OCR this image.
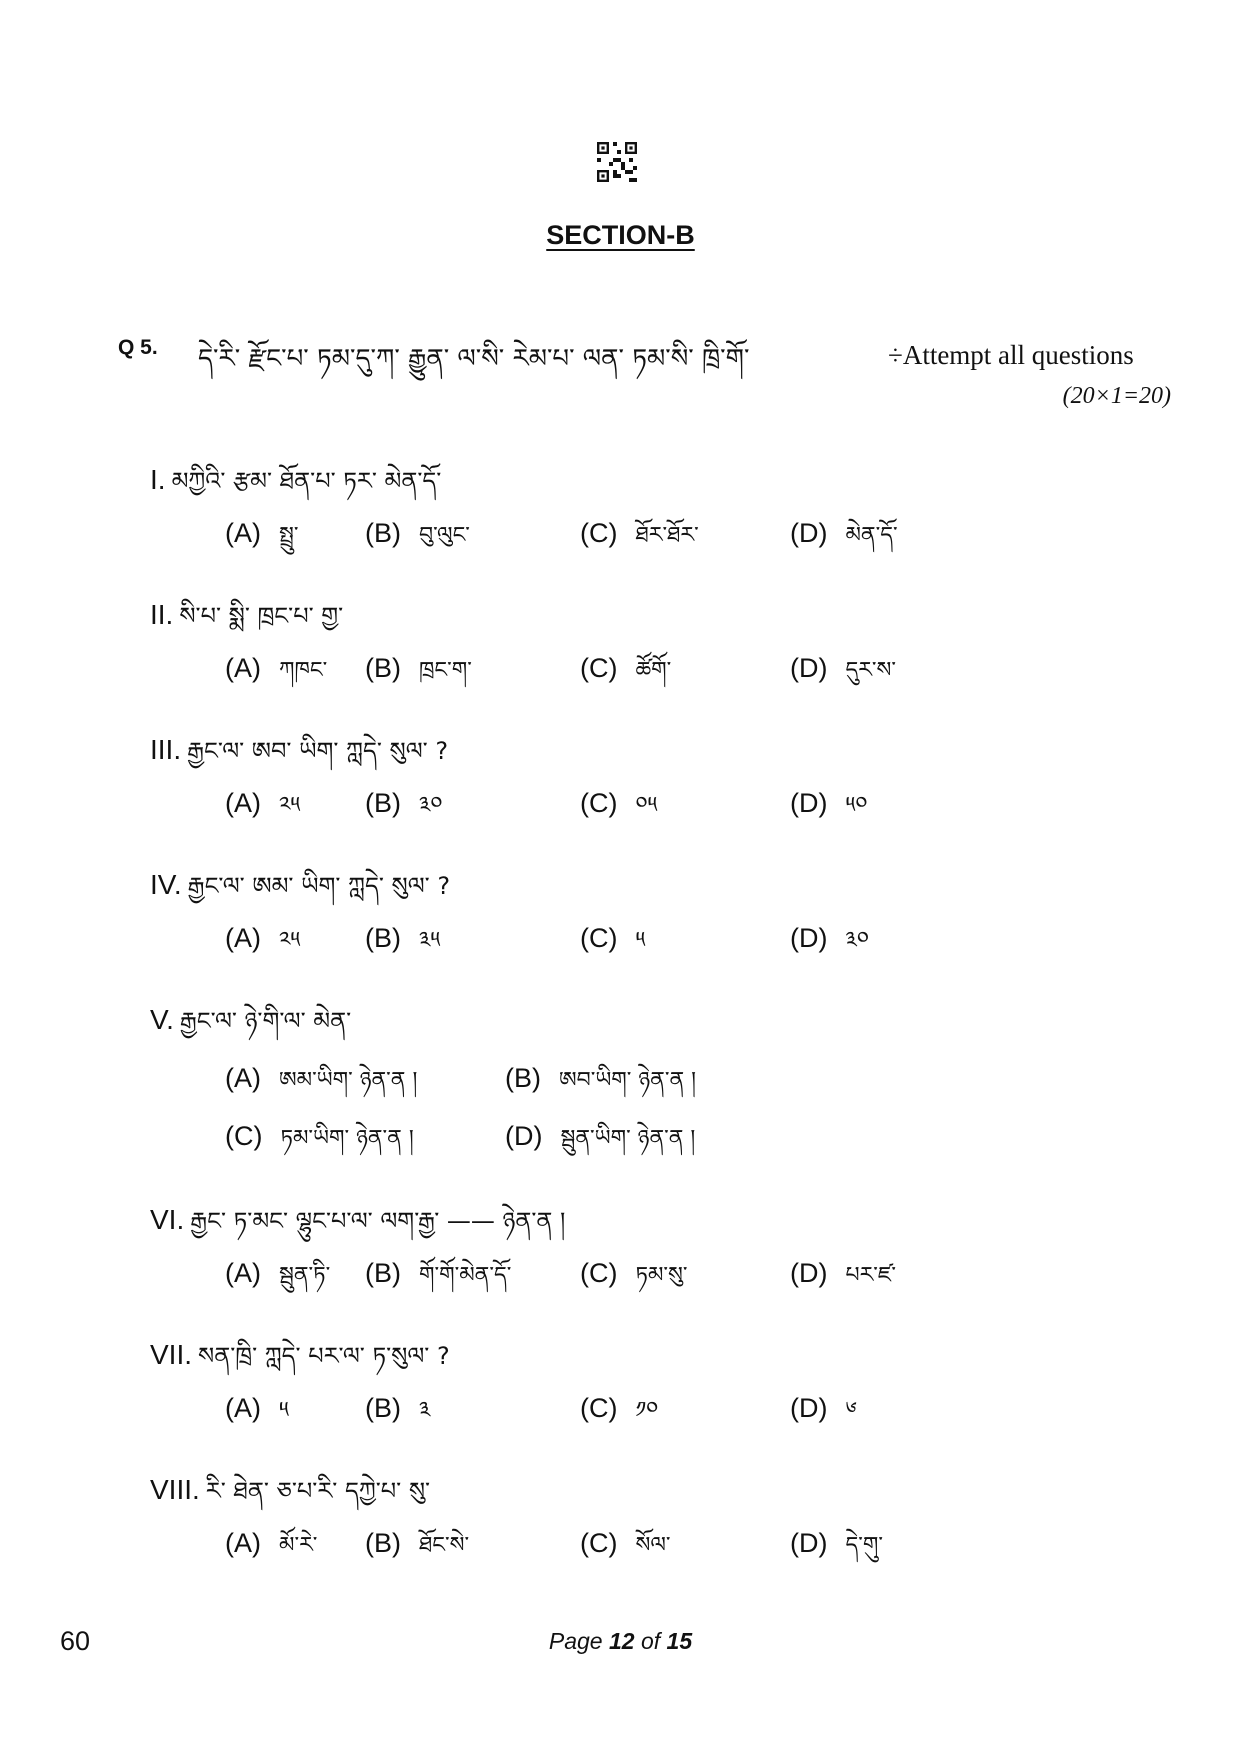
SECTION-B
Q 5. དེ་རི་ རྫོང་པ་ ཏམ་དུ་ཀ་ རྒྱུན་ ལ་སི་ རེམ་པ་ ལན་ ཏམ་སི་ ཁྲི་གོ་	÷Attempt all questions
(20×1=20)
I. མཀྱིའི་ རྩམ་ ཐོན་པ་ ཏར་ མེན་དོ་
(A) སྤྲུ་ (B) བུ་ལུང་	(C) ཐོར་ཐོར་	(D) མེན་དོ་
II. སི་པ་ སྨི་ ཁྲང་པ་ གྱ་
(A) ཀཁང་ (B) ཁྲང་ག་	(C) ཚོགོ་	(D) དུར་ས་
III. རྒྱང་ལ་ ཨབ་ ཡིག་ ཀླདེ་ སུལ་ ?
(A) ༢༥ (B) ༣༠	(C) ༠༥	(D) ༥༠
IV. རྒྱང་ལ་ ཨམ་ ཡིག་ ཀླདེ་ སུལ་ ?
(A) ༢༥ (B) ༣༥	(C) ༥	(D) ༣༠
V. རྒྱང་ལ་ ཉེ་གི་ལ་ མེན་
(A) ཨམ་ཡིག་ ཉེན་ན །	(B) ཨབ་ཡིག་ ཉེན་ན །
(C) ཏམ་ཡིག་ ཉེན་ན །	(D) སྦུན་ཡིག་ ཉེན་ན །
VI. རྒྱང་ ཏ་མང་ ལྷུང་པ་ལ་ ལག་རྒྱ་ —— ཉེན་ན །
(A) སྦུན་ཏི་ (B) གོ་གོ་མེན་དོ་	(C) ཏམ་སུ་	(D) པར་ཛ་
VII. སན་ཁྲི་ ཀླདེ་ པར་ལ་ ཏ་སུལ་ ?
(A) ༥	(B) ༣	(C) ༡༠	(D) ༦
VIII. རི་ ཐེན་ ཅ་པ་རི་ དཀྱེ་པ་ སུ་
(A) མོ་རེ་ (B) ཐོང་སེ་	(C) སོལ་	(D) དེ་གུ་
60	Page 12 of 15
